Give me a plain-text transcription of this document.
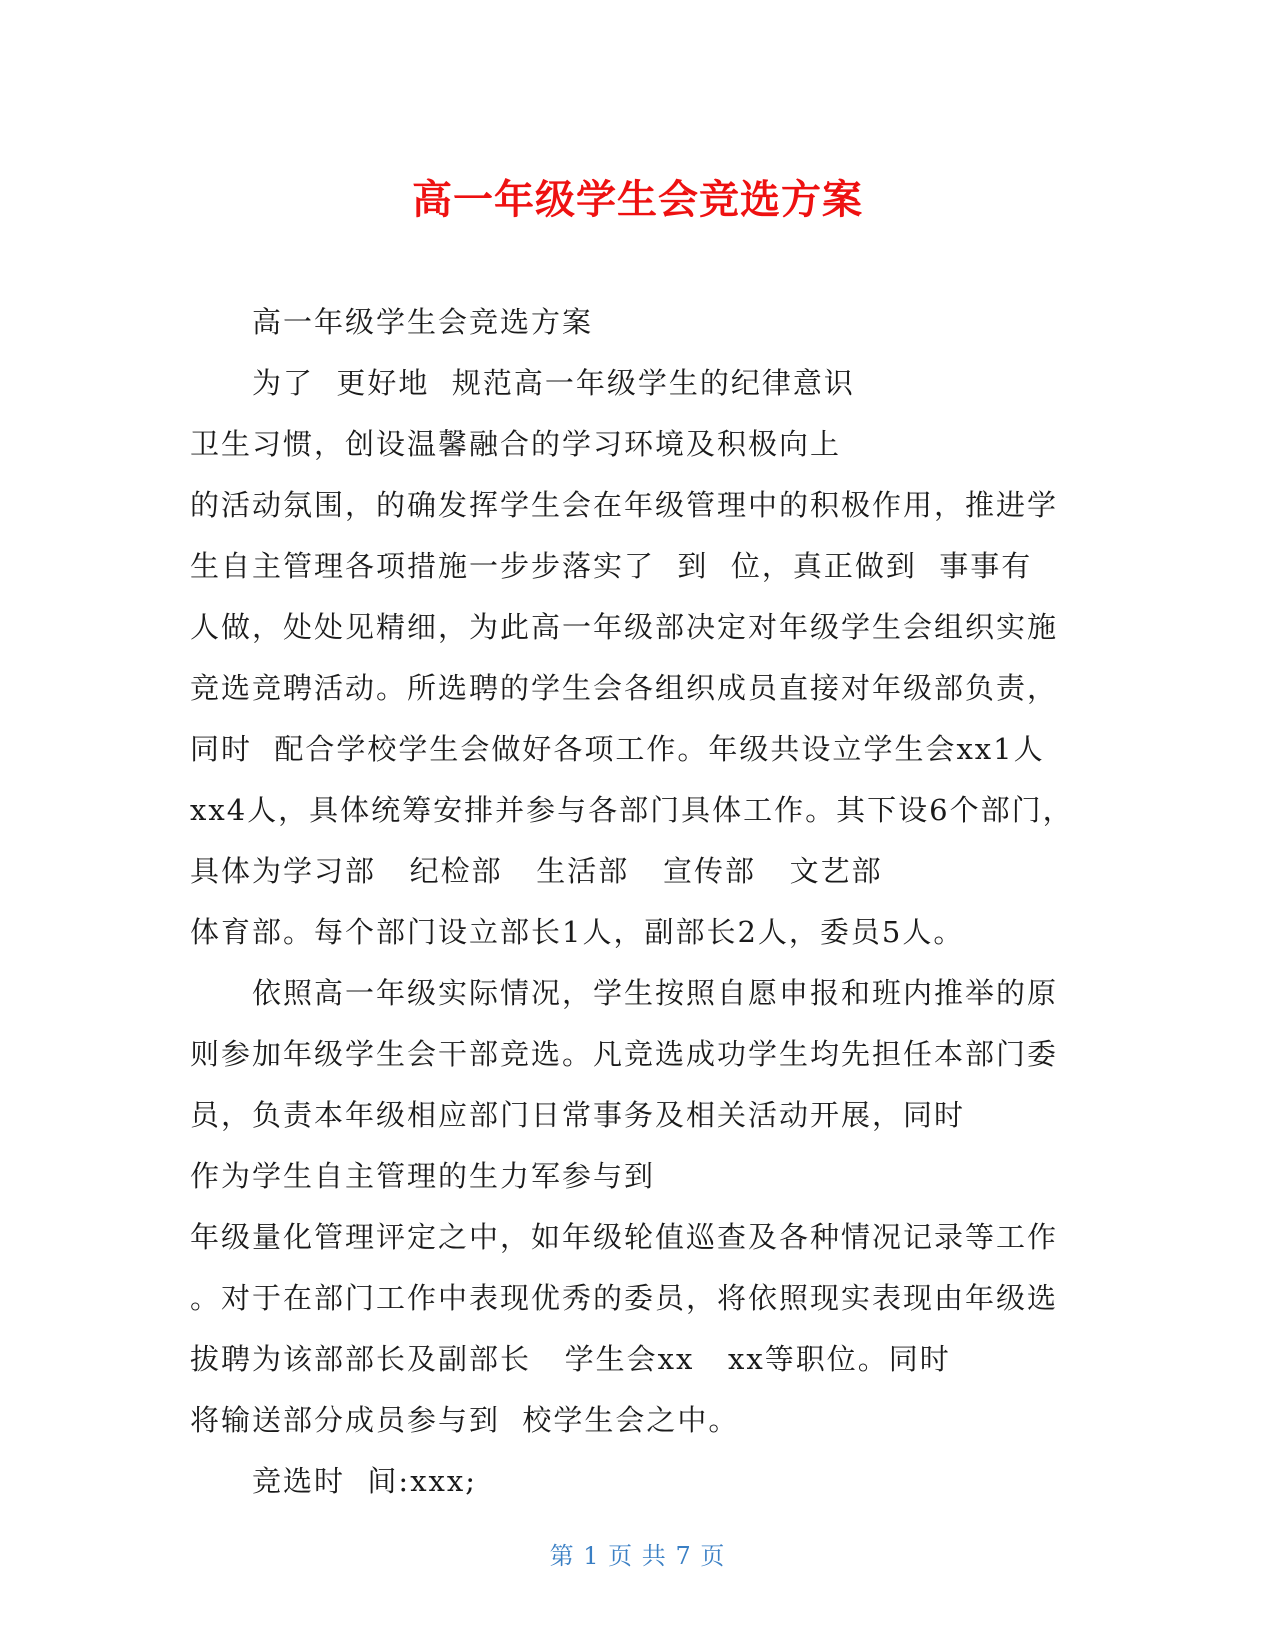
高一年级学生会竞选方案

高一年级学生会竞选方案

为了  更好地  规范高一年级学生的纪律意识

卫生习惯，创设温馨融合的学习环境及积极向上

的活动氛围，的确发挥学生会在年级管理中的积极作用，推进学

生自主管理各项措施一步步落实了  到  位，真正做到  事事有

人做，处处见精细，为此高一年级部决定对年级学生会组织实施

竞选竞聘活动。所选聘的学生会各组织成员直接对年级部负责，

同时  配合学校学生会做好各项工作。年级共设立学生会xx1人

xx4人，具体统筹安排并参与各部门具体工作。其下设6个部门，

具体为学习部   纪检部   生活部   宣传部   文艺部

体育部。每个部门设立部长1人，副部长2人，委员5人。

依照高一年级实际情况，学生按照自愿申报和班内推举的原

则参加年级学生会干部竞选。凡竞选成功学生均先担任本部门委

员，负责本年级相应部门日常事务及相关活动开展，同时

作为学生自主管理的生力军参与到

年级量化管理评定之中，如年级轮值巡查及各种情况记录等工作

。对于在部门工作中表现优秀的委员，将依照现实表现由年级选

拔聘为该部部长及副部长   学生会xx   xx等职位。同时

将输送部分成员参与到  校学生会之中。

竞选时  间:xxx;

第 1 页 共 7 页
